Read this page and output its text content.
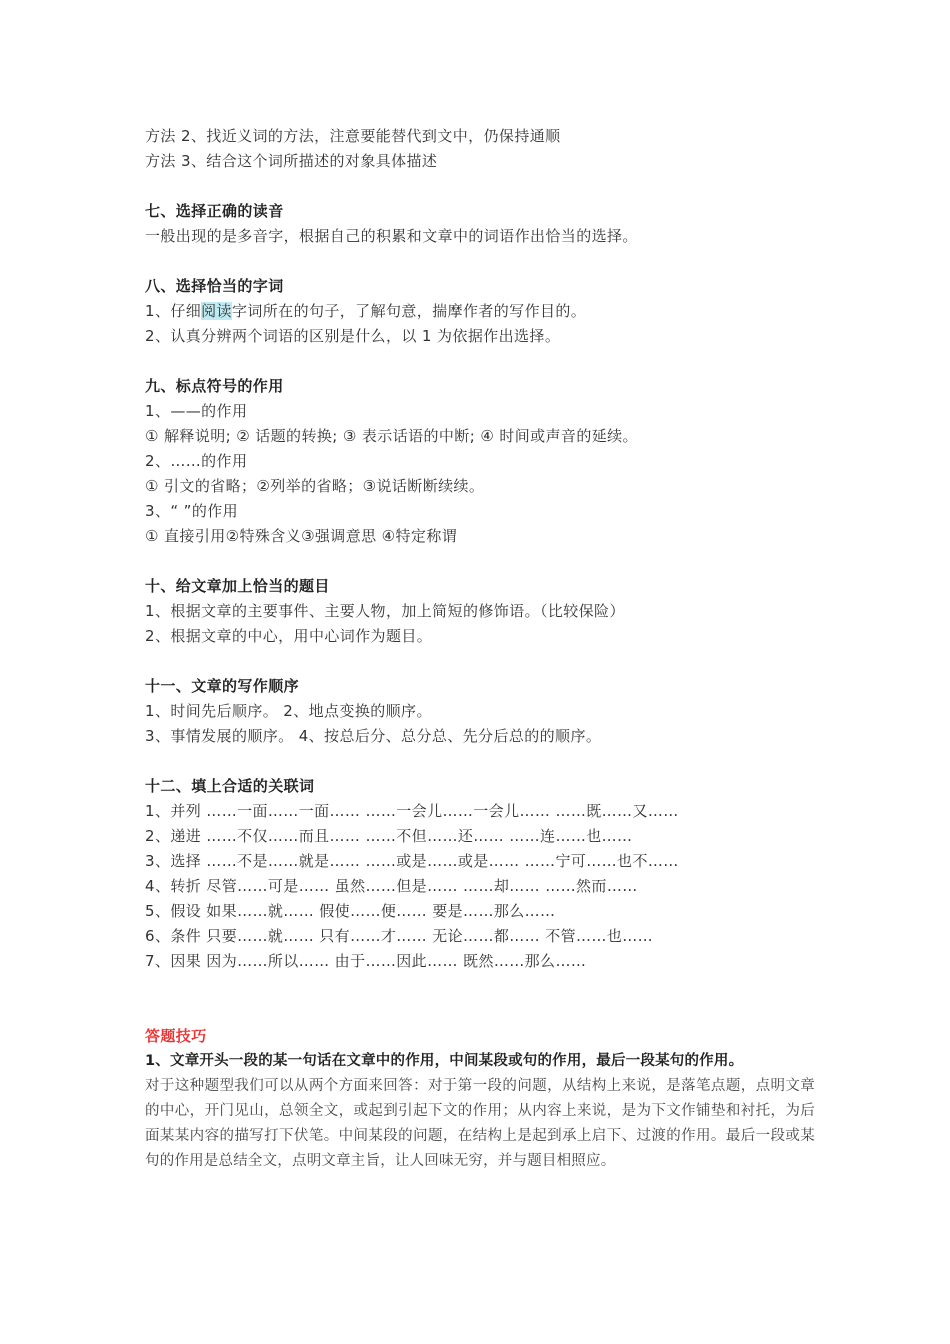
方法 2、找近义词的方法，注意要能替代到文中，仍保持通顺
方法 3、结合这个词所描述的对象具体描述
七、选择正确的读音
一般出现的是多音字，根据自己的积累和文章中的词语作出恰当的选择。
八、选择恰当的字词
1、仔细阅读字词所在的句子，了解句意，揣摩作者的写作目的。
2、认真分辨两个词语的区别是什么，以 1 为依据作出选择。
九、标点符号的作用
1、——的作用
① 解释说明; ② 话题的转换; ③ 表示话语的中断; ④ 时间或声音的延续。
2、……的作用
① 引文的省略；②列举的省略；③说话断断续续。
3、“ ”的作用
① 直接引用②特殊含义③强调意思 ④特定称谓
十、给文章加上恰当的题目
1、根据文章的主要事件、主要人物，加上简短的修饰语。（比较保险）
2、根据文章的中心，用中心词作为题目。
十一、文章的写作顺序
1、时间先后顺序。 2、地点变换的顺序。
3、事情发展的顺序。 4、按总后分、总分总、先分后总的的顺序。
十二、填上合适的关联词
1、并列 ……一面……一面…… ……一会儿……一会儿…… ……既……又……
2、递进 ……不仅……而且…… ……不但……还…… ……连……也……
3、选择 ……不是……就是…… ……或是……或是…… ……宁可……也不……
4、转折 尽管……可是…… 虽然……但是…… ……却…… ……然而……
5、假设 如果……就…… 假使……便…… 要是……那么……
6、条件 只要……就…… 只有……才…… 无论……都…… 不管……也……
7、因果 因为……所以…… 由于……因此…… 既然……那么……
答题技巧
1、文章开头一段的某一句话在文章中的作用，中间某段或句的作用，最后一段某句的作用。
对于这种题型我们可以从两个方面来回答：对于第一段的问题，从结构上来说，是落笔点题，点明文章的中心，开门见山，总领全文，或起到引起下文的作用；从内容上来说，是为下文作铺垫和衬托，为后面某某内容的描写打下伏笔。中间某段的问题，在结构上是起到承上启下、过渡的作用。最后一段或某句的作用是总结全文，点明文章主旨，让人回味无穷，并与题目相照应。
